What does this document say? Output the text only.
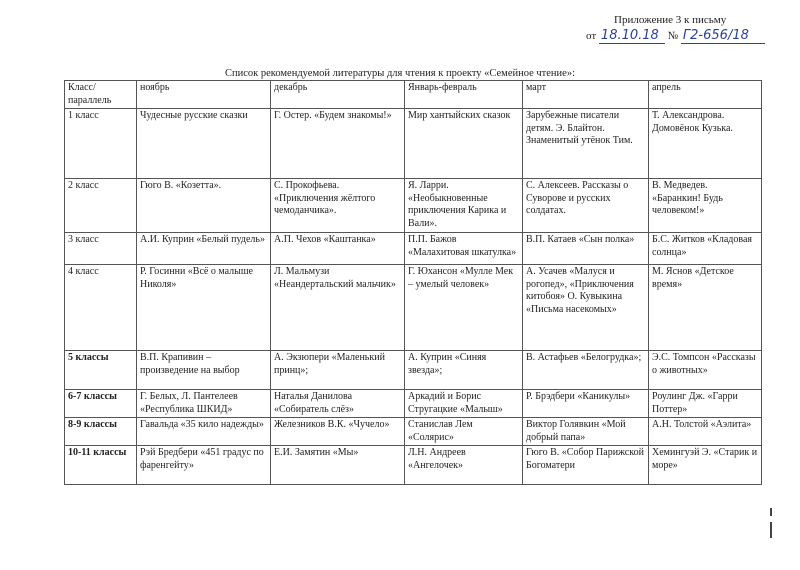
Приложение 3 к письму
от 18.10.18 № Г2-656/18
Список рекомендуемой литературы для чтения к проекту «Семейное чтение»:
Класс/ параллель	ноябрь	декабрь	Январь-февраль	март	апрель
1 класс	Чудесные русские сказки	Г. Остер. «Будем знакомы!»	Мир хантыйских сказок	Зарубежные писатели детям. Э. Блайтон. Знаменитый утёнок Тим.	Т. Александрова. Домовёнок Кузька.
2 класс	Гюго В. «Козетта».	С. Прокофьева. «Приключения жёлтого чемоданчика».	Я. Ларри. «Необыкновенные приключения Карика и Вали».	С. Алексеев. Рассказы о Суворове и русских солдатах.	В. Медведев. «Баранкин! Будь человеком!»
3 класс	А.И. Куприн «Белый пудель»	А.П. Чехов «Каштанка»	П.П. Бажов «Малахитовая шкатулка»	В.П. Катаев «Сын полка»	Б.С. Житков «Кладовая солнца»
4 класс	Р. Госинни «Всё о малыше Николя»	Л. Мальмузи «Неандертальский мальчик»	Г. Юхансон «Мулле Мек – умелый человек»	А. Усачев «Малуся и рогопед», «Приключения китобоя» О. Кувыкина «Письма насекомых»	М. Яснов «Детское время»
5 классы	В.П. Крапивин – произведение на выбор	А. Экзюпери «Маленький принц»;	А. Куприн «Синяя звезда»;	В. Астафьев «Белогрудка»;	Э.С. Томпсон «Рассказы о животных»
6-7 классы	Г. Белых, Л. Пантелеев «Республика ШКИД»	Наталья Данилова «Собиратель слёз»	Аркадий и Борис Стругацкие «Малыш»	Р. Брэдбери «Каникулы»	Роулинг Дж. «Гарри Поттер»
8-9 классы	Гавальда «35 кило надежды»	Железников В.К. «Чучело»	Станислав Лем «Солярис»	Виктор Голявкин «Мой добрый папа»	А.Н. Толстой «Аэлита»
10-11 классы	Рэй Бредбери «451 градус по фаренгейту»	Е.И. Замятин «Мы»	Л.Н. Андреев «Ангелочек»	Гюго В. «Собор Парижской Богоматери	Хемингуэй Э. «Старик и море»
